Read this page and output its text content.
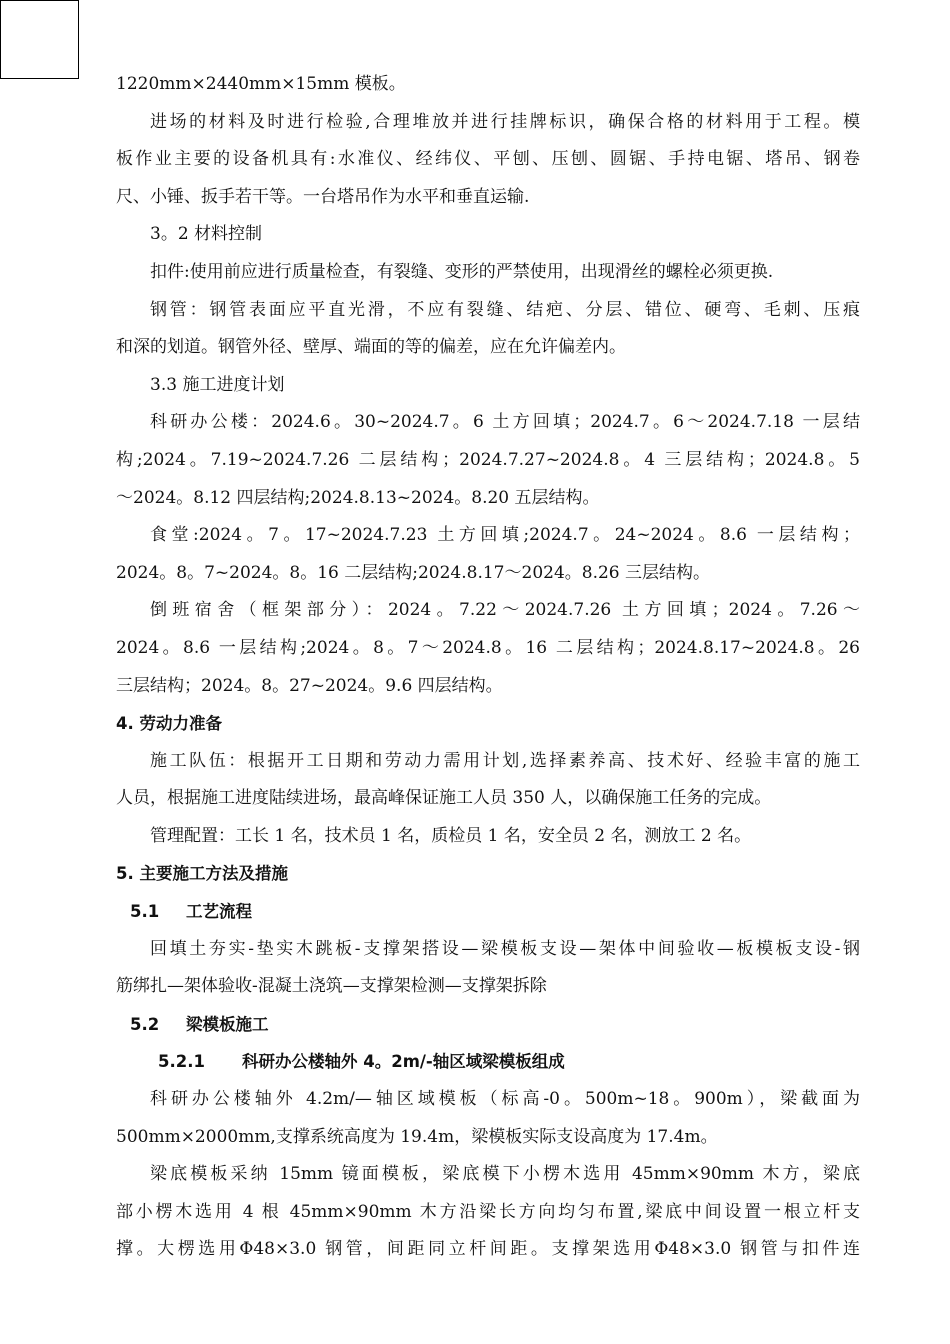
1220mm×2440mm×15mm 模板。
进场的材料及时进行检验,合理堆放并进行挂牌标识，确保合格的材料用于工程。模
板作业主要的设备机具有:水准仪、经纬仪、平刨、压刨、圆锯、手持电锯、塔吊、钢卷
尺、小锤、扳手若干等。一台塔吊作为水平和垂直运输.
3。2 材料控制
扣件:使用前应进行质量检查，有裂缝、变形的严禁使用，出现滑丝的螺栓必须更换.
钢管：钢管表面应平直光滑，不应有裂缝、结疤、分层、错位、硬弯、毛刺、压痕
和深的划道。钢管外径、壁厚、端面的等的偏差，应在允许偏差内。
3.3 施工进度计划
科研办公楼：2024.6。30~2024.7。6 土方回填；2024.7。6～2024.7.18 一层结
构;2024。7.19~2024.7.26 二层结构；2024.7.27~2024.8。4 三层结构；2024.8。5
～2024。8.12 四层结构;2024.8.13~2024。8.20 五层结构。
食堂:2024。7。17~2024.7.23 土方回填;2024.7。24~2024。8.6 一层结构；
2024。8。7~2024。8。16 二层结构;2024.8.17～2024。8.26 三层结构。
倒班宿舍（框架部分）：2024。7.22～2024.7.26 土方回填；2024。7.26～
2024。8.6 一层结构;2024。8。7～2024.8。16 二层结构；2024.8.17~2024.8。26
三层结构；2024。8。27~2024。9.6 四层结构。
4. 劳动力准备
施工队伍：根据开工日期和劳动力需用计划,选择素养高、技术好、经验丰富的施工
人员，根据施工进度陆续进场，最高峰保证施工人员 350 人，以确保施工任务的完成。
管理配置：工长 1 名，技术员 1 名，质检员 1 名，安全员 2 名，测放工 2 名。
5. 主要施工方法及措施
5.1 工艺流程
回填土夯实-垫实木跳板-支撑架搭设—梁模板支设—架体中间验收—板模板支设-钢
筋绑扎—架体验收-混凝土浇筑—支撑架检测—支撑架拆除
5.2 梁模板施工
5.2.1 科研办公楼轴外 4。2m/-轴区域梁模板组成
科研办公楼轴外 4.2m/—轴区域模板（标高-0。500m~18。900m），梁截面为
500mm×2000mm,支撑系统高度为 19.4m，梁模板实际支设高度为 17.4m。
梁底模板采纳 15mm 镜面模板，梁底模下小楞木选用 45mm×90mm 木方，梁底
部小楞木选用 4 根 45mm×90mm 木方沿梁长方向均匀布置,梁底中间设置一根立杆支
撑。大楞选用Φ48×3.0 钢管，间距同立杆间距。支撑架选用Φ48×3.0 钢管与扣件连
